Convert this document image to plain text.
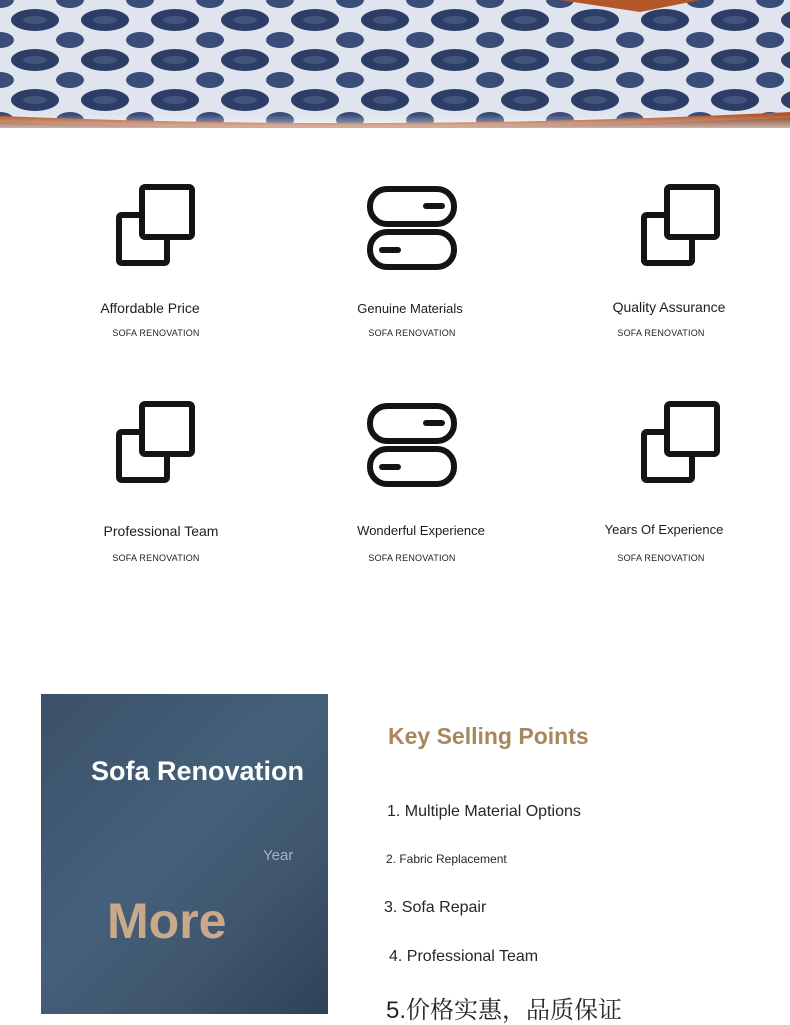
Affordable Price
SOFA RENOVATION
Genuine Materials
SOFA RENOVATION
Quality Assurance
SOFA RENOVATION
Professional Team
SOFA RENOVATION
Wonderful Experience
SOFA RENOVATION
Years Of Experience
SOFA RENOVATION
Sofa Renovation
Year
More
Key Selling Points
1. Multiple Material Options
2. Fabric Replacement
3. Sofa Repair
4. Professional Team
5.价格实惠，品质保证
